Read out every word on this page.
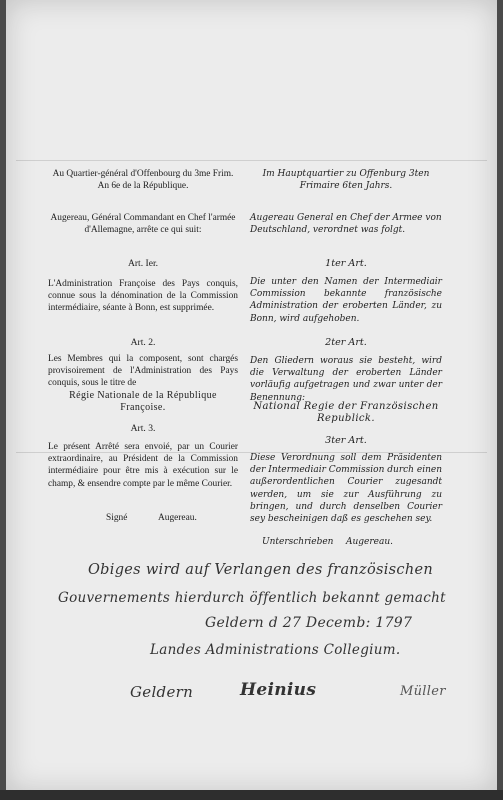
Au Quartier-général d'Offenbourg du 3me Frim. An 6e de la République.
Augereau, Général Commandant en Chef l'armée d'Allemagne, arrête ce qui suit:
Art. Ier.
L'Administration Françoise des Pays conquis, connue sous la dénomination de la Commission intermédiaire, séante à Bonn, est supprimée.
Art. 2.
Les Membres qui la composent, sont chargés provisoirement de l'Administration des Pays conquis, sous le titre de
Régie Nationale de la République Françoise.
Art. 3.
Le présent Arrêté sera envoié, par un Courier extraordinaire, au Président de la Commission intermédiaire pour être mis à exécution sur le champ, & ensendre compte par le même Courier.
Signé	Augereau.
Im Hauptquartier zu Offenburg 3ten Frimaire 6ten Jahrs.
Augereau General en Chef der Armee von Deutschland, verordnet was folgt.
1ter Art.
Die unter den Namen der Intermediair Commission bekannte französische Administration der eroberten Länder, zu Bonn, wird aufgehoben.
2ter Art.
Den Gliedern woraus sie besteht, wird die Verwaltung der eroberten Länder vorläufig aufgetragen und zwar unter der Benennung:
National Regie der Französischen Republick.
3ter Art.
Diese Verordnung soll dem Präsidenten der Intermediair Commission durch einen außerordentlichen Courier zugesandt werden, um sie zur Ausführung zu bringen, und durch denselben Courier sey bescheinigen daß es geschehen sey.
Unterschrieben Augereau.
Obiges wird auf Verlangen des französischen
Gouvernements hierdurch öffentlich bekannt gemacht
Geldern d 27 Decemb: 1797
Landes Administrations Collegium.
Geldern	Heinius	Müller
